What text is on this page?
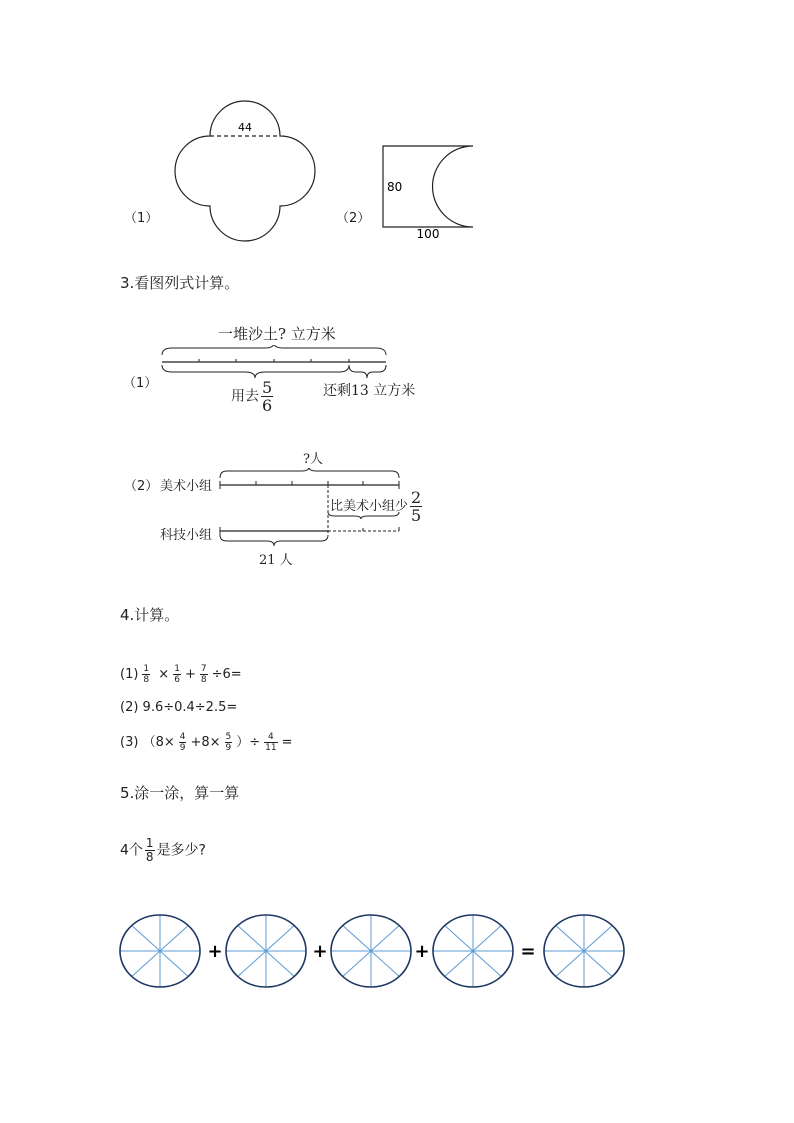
（1）
44
（2）
80
100
3.看图列式计算。
（1）
一堆沙土? 立方米
用去 $\frac{5}{6}$	还剩13 立方米
（2） 美术小组
?人
比美术小组少 $\frac{2}{5}$
科技小组
21 人
4.计算。
$(1) \frac{1}{8} \times \frac{1}{6} + \frac{7}{8} \div 6=$
(2) 9.6÷0.4÷2.5=
(3) （$8\times \frac{4}{9} +8\times \frac{5}{9}$ ）÷ $\frac{4}{11}$ =
5.涂一涂，算一算
4个 $\frac{1}{8}$ 是多少?
+	+	+	=
